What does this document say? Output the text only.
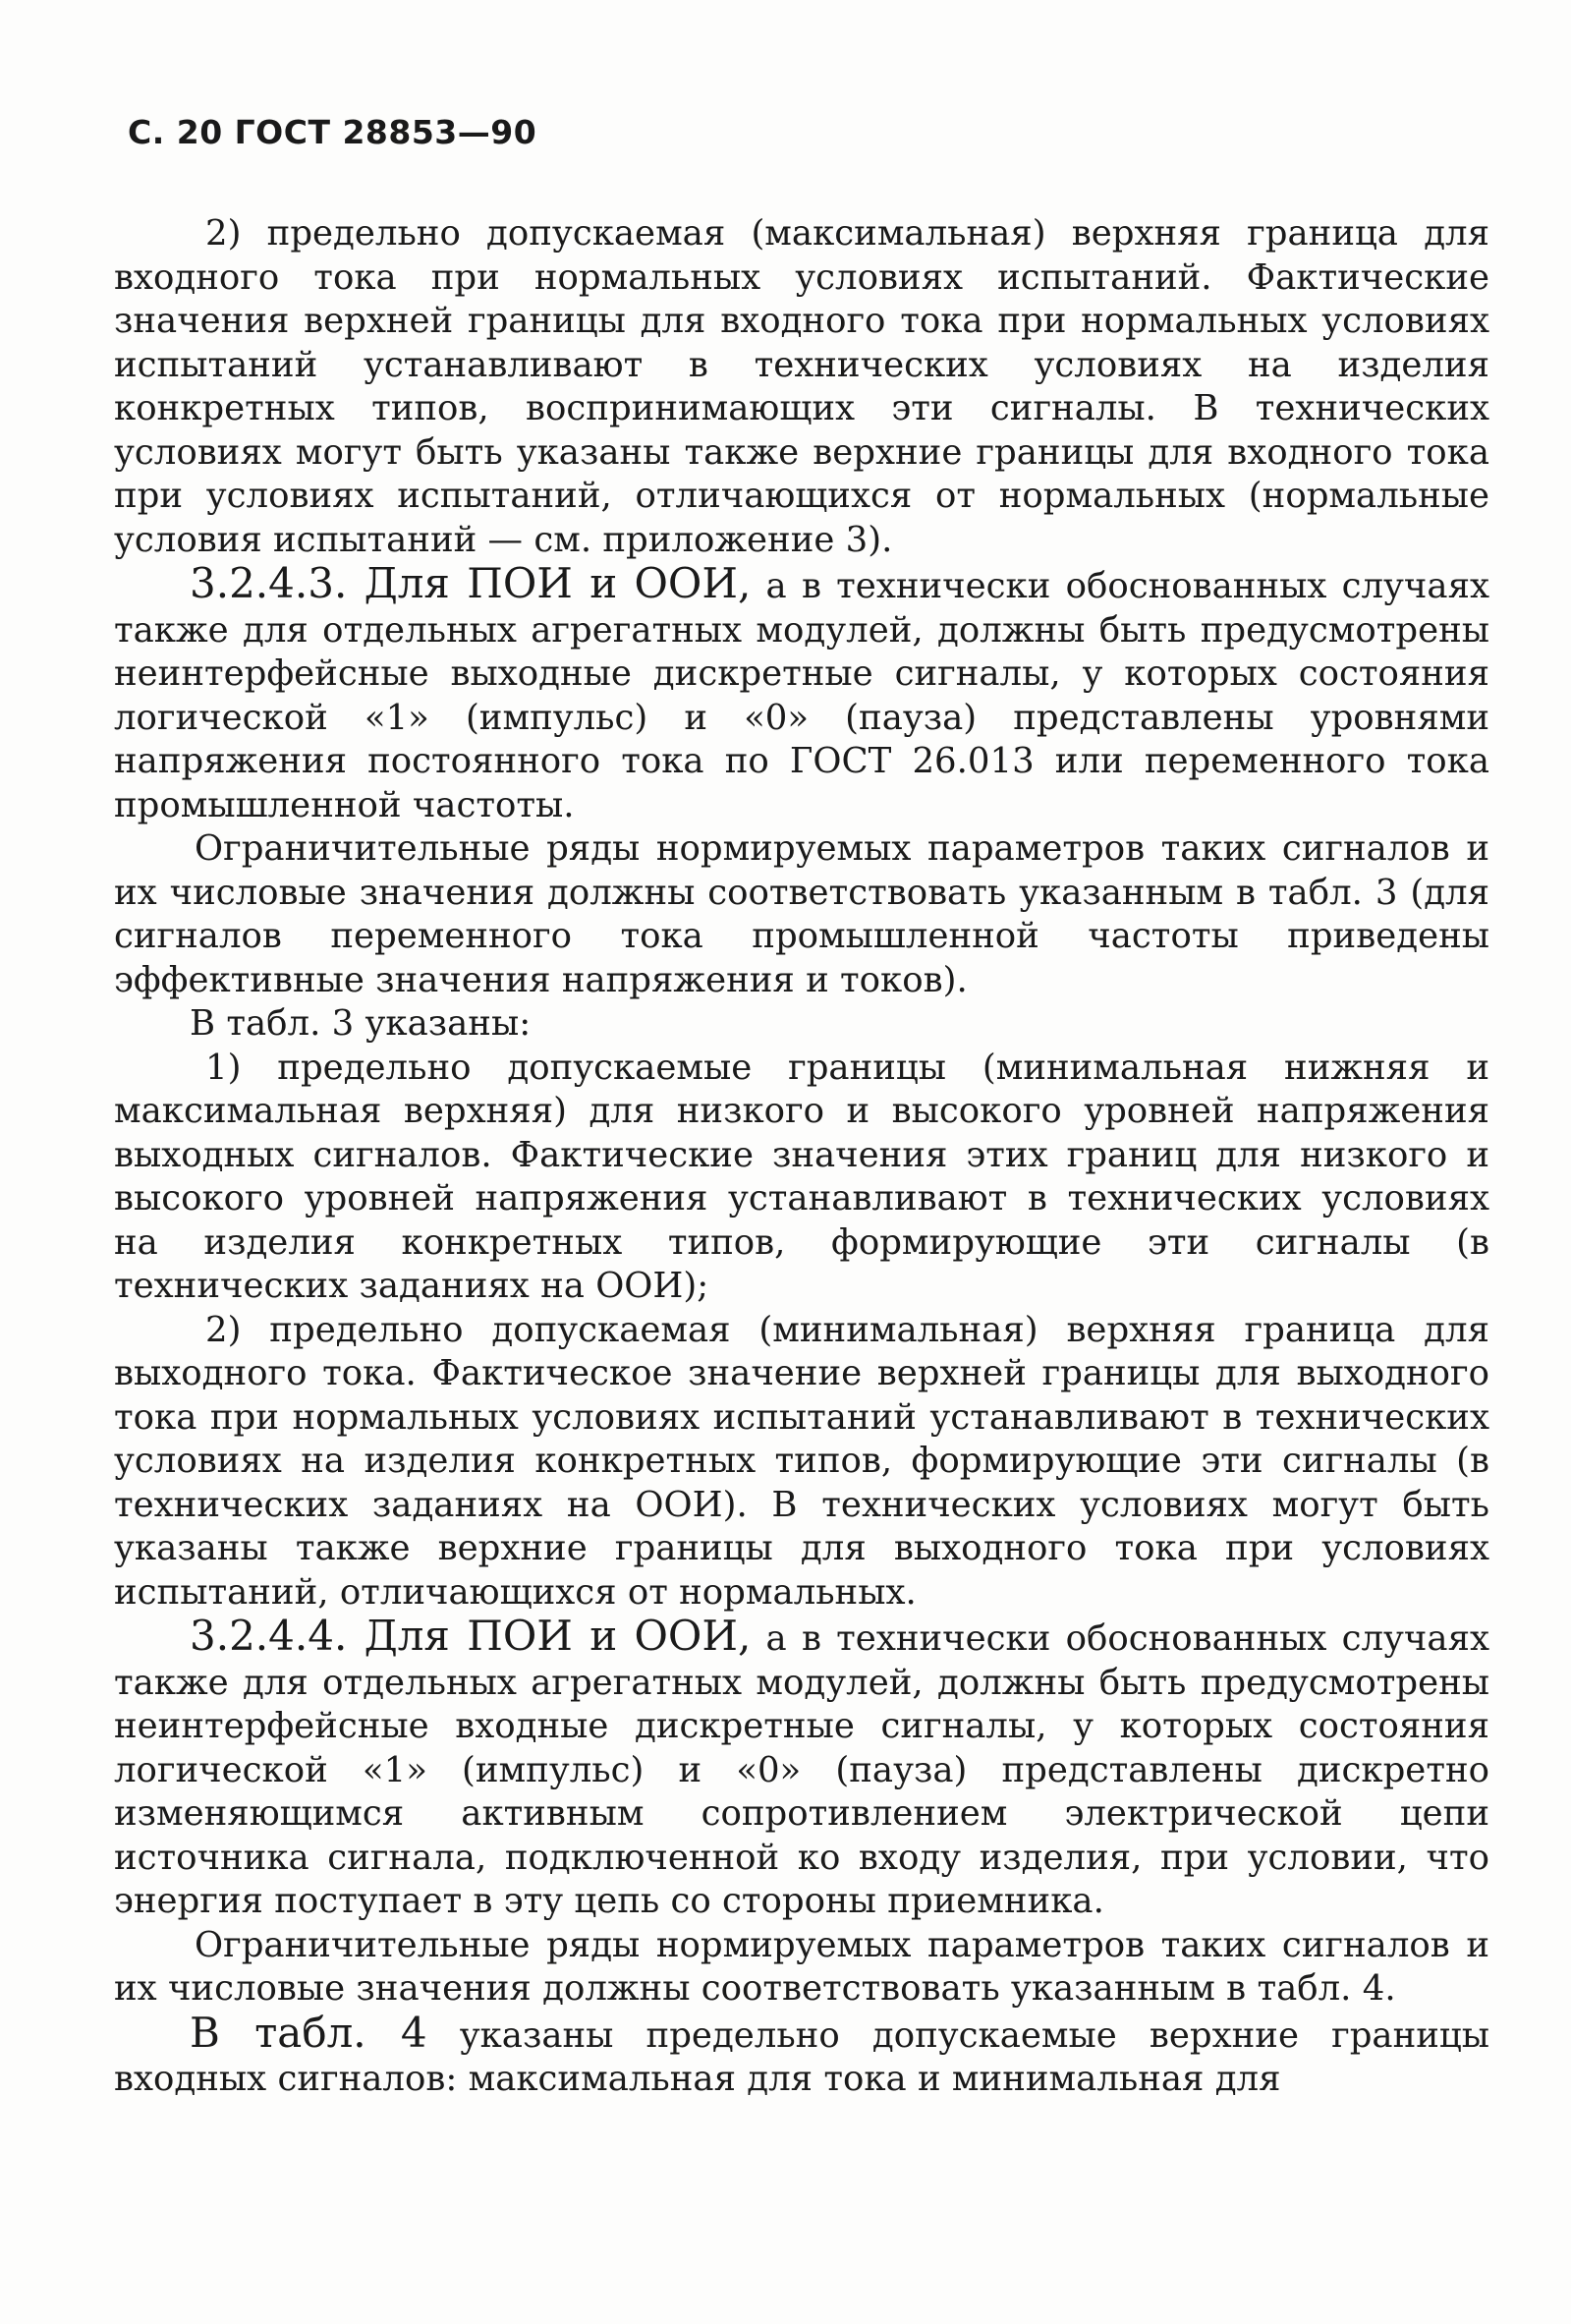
С. 20 ГОСТ 28853—90

2) предельно допускаемая (максимальная) верхняя граница для входного тока при нормальных условиях испытаний. Фактические значения верхней границы для входного тока при нормальных условиях испытаний устанавливают в технических условиях на изделия конкретных типов, воспринимающих эти сигналы. В технических условиях могут быть указаны также верхние границы для входного тока при условиях испытаний, отличающихся от нормальных (нормальные условия испытаний — см. приложение 3).

3.2.4.3. Для ПОИ и ООИ, а в технически обоснованных случаях также для отдельных агрегатных модулей, должны быть предусмотрены неинтерфейсные выходные дискретные сигналы, у которых состояния логической «1» (импульс) и «0» (пауза) представлены уровнями напряжения постоянного тока по ГОСТ 26.013 или переменного тока промышленной частоты.

Ограничительные ряды нормируемых параметров таких сигналов и их числовые значения должны соответствовать указанным в табл. 3 (для сигналов переменного тока промышленной частоты приведены эффективные значения напряжения и токов).

В табл. 3 указаны:

1) предельно допускаемые границы (минимальная нижняя и максимальная верхняя) для низкого и высокого уровней напряжения выходных сигналов. Фактические значения этих границ для низкого и высокого уровней напряжения устанавливают в технических условиях на изделия конкретных типов, формирующие эти сигналы (в технических заданиях на ООИ);

2) предельно допускаемая (минимальная) верхняя граница для выходного тока. Фактическое значение верхней границы для выходного тока при нормальных условиях испытаний устанавливают в технических условиях на изделия конкретных типов, формирующие эти сигналы (в технических заданиях на ООИ). В технических условиях могут быть указаны также верхние границы для выходного тока при условиях испытаний, отличающихся от нормальных.

3.2.4.4. Для ПОИ и ООИ, а в технически обоснованных случаях также для отдельных агрегатных модулей, должны быть предусмотрены неинтерфейсные входные дискретные сигналы, у которых состояния логической «1» (импульс) и «0» (пауза) представлены дискретно изменяющимся активным сопротивлением электрической цепи источника сигнала, подключенной ко входу изделия, при условии, что энергия поступает в эту цепь со стороны приемника.

Ограничительные ряды нормируемых параметров таких сигналов и их числовые значения должны соответствовать указанным в табл. 4.

В табл. 4 указаны предельно допускаемые верхние границы входных сигналов: максимальная для тока и минимальная для
